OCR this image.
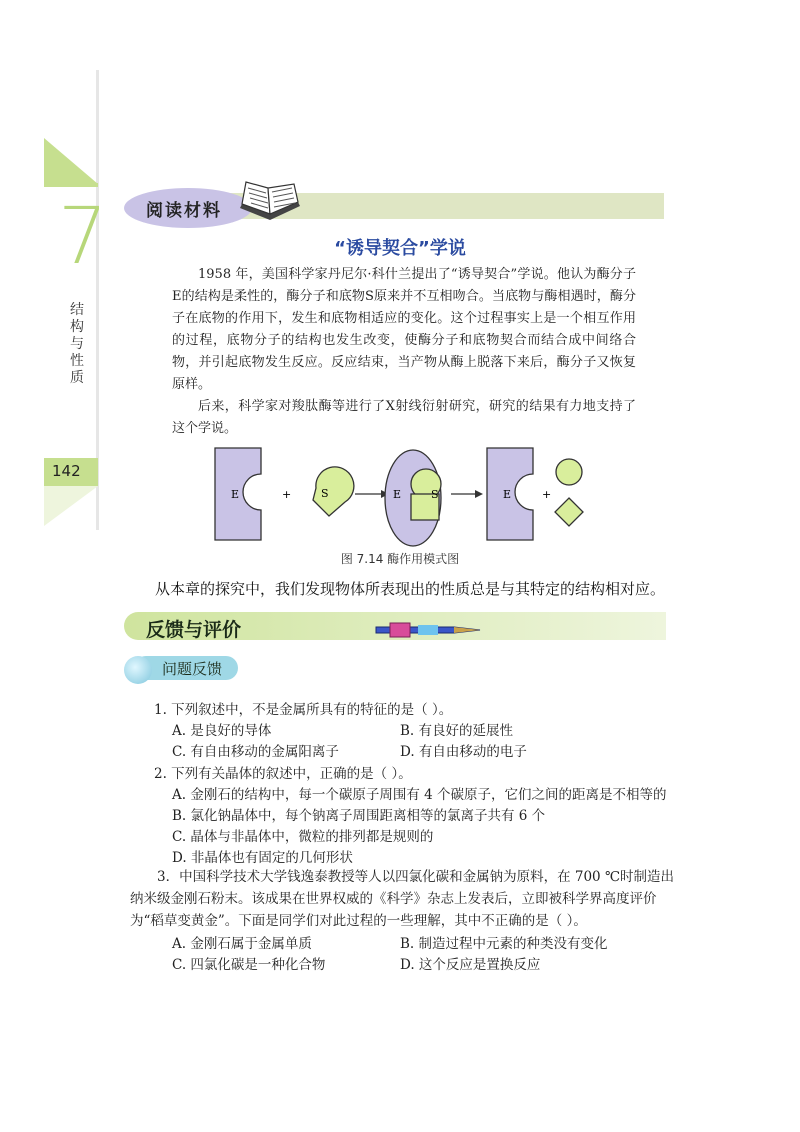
7
结构与性质
142
阅读材料
“诱导契合”学说
1958 年，美国科学家丹尼尔·科什兰提出了“诱导契合”学说。他认为酶分子E的结构是柔性的，酶分子和底物S原来并不互相吻合。当底物与酶相遇时，酶分子在底物的作用下，发生和底物相适应的变化。这个过程事实上是一个相互作用的过程，底物分子的结构也发生改变，使酶分子和底物契合而结合成中间络合物，并引起底物发生反应。反应结束，当产物从酶上脱落下来后，酶分子又恢复原样。
后来，科学家对羧肽酶等进行了X射线衍射研究，研究的结果有力地支持了这个学说。
E	+	S	E	S	E	+
图 7.14 酶作用模式图
从本章的探究中，我们发现物体所表现出的性质总是与其特定的结构相对应。
反馈与评价
问题反馈
1. 下列叙述中，不是金属所具有的特征的是（ ）。
A. 是良好的导体	B. 有良好的延展性
C. 有自由移动的金属阳离子	D. 有自由移动的电子
2. 下列有关晶体的叙述中，正确的是（ ）。
A. 金刚石的结构中，每一个碳原子周围有 4 个碳原子，它们之间的距离是不相等的
B. 氯化钠晶体中，每个钠离子周围距离相等的氯离子共有 6 个
C. 晶体与非晶体中，微粒的排列都是规则的
D. 非晶体也有固定的几何形状
3．中国科学技术大学钱逸泰教授等人以四氯化碳和金属钠为原料，在 700 ℃时制造出纳米级金刚石粉末。该成果在世界权威的《科学》杂志上发表后，立即被科学界高度评价为“稻草变黄金”。下面是同学们对此过程的一些理解，其中不正确的是（ ）。
A. 金刚石属于金属单质	B. 制造过程中元素的种类没有变化
C. 四氯化碳是一种化合物	D. 这个反应是置换反应
